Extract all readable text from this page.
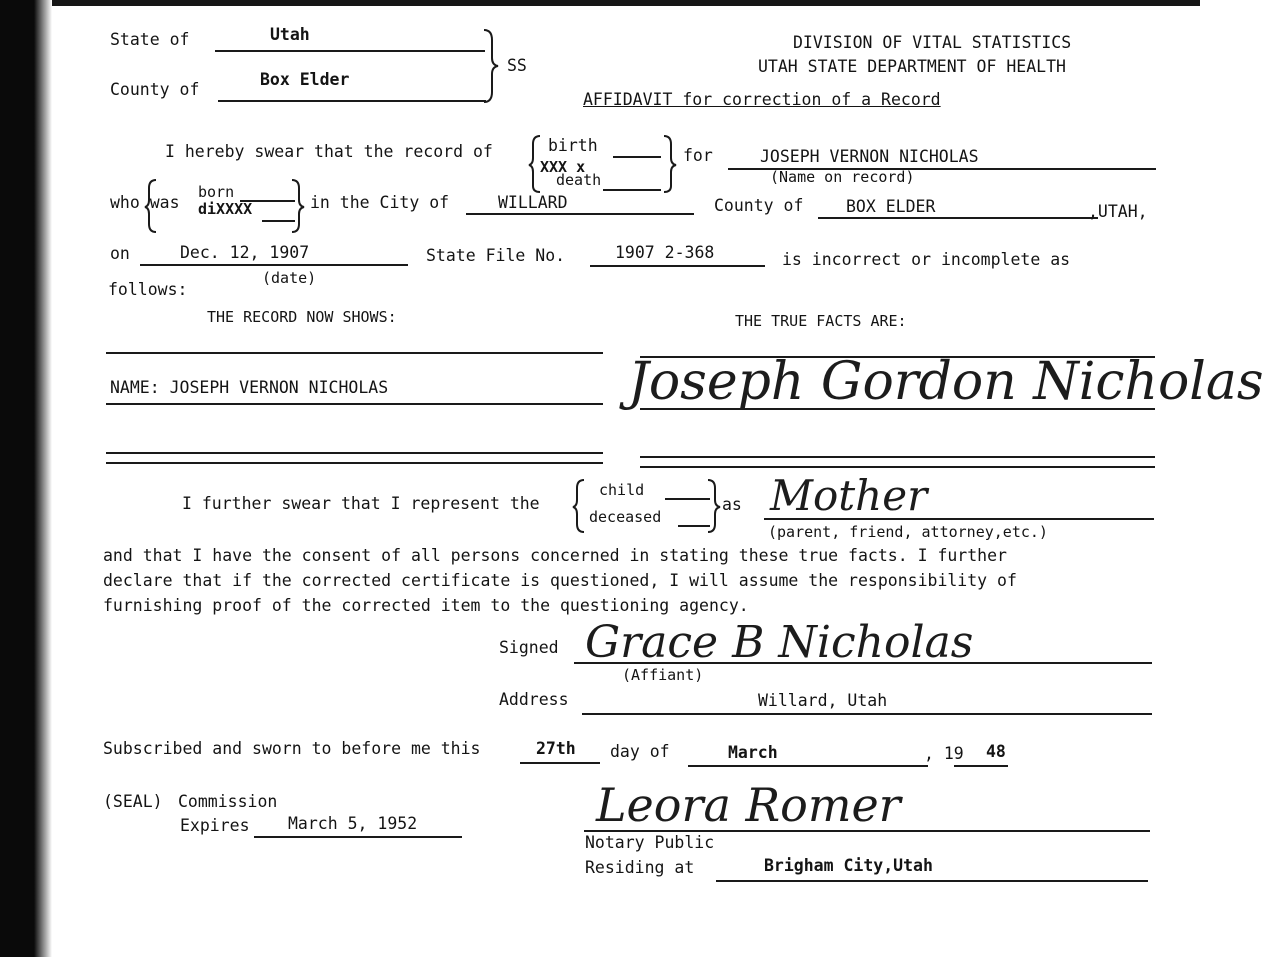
State of	Utah
County of
Box Elder
SS
DIVISION OF VITAL STATISTICS
UTAH STATE DEPARTMENT OF HEALTH
AFFIDAVIT for correction of a Record
I hereby swear that the record of	birth
XXX x
death
for	JOSEPH VERNON NICHOLAS
(Name on record)
who was
born
diXXXX	in the City of	WILLARD	County of	BOX ELDER	,UTAH,
on	Dec. 12, 1907
(date)
State File No.	1907 2-368	is incorrect or incomplete as
follows:
THE RECORD NOW SHOWS:	THE TRUE FACTS ARE:
NAME: JOSEPH VERNON NICHOLAS	Joseph Gordon Nicholas
I further swear that I represent the
child
deceased
as Mother
(parent, friend, attorney,etc.)
and that I have the consent of all persons concerned in stating these true facts. I further
declare that if the corrected certificate is questioned, I will assume the responsibility of
furnishing proof of the corrected item to the questioning agency.
Signed Grace B Nicholas
(Affiant)
Address	Willard, Utah
Subscribed and sworn to before me this	27th day of	March	, 19 48
(SEAL) Commission
Expires March 5, 1952	Leora Romer
Notary Public
Residing at	Brigham City,Utah
